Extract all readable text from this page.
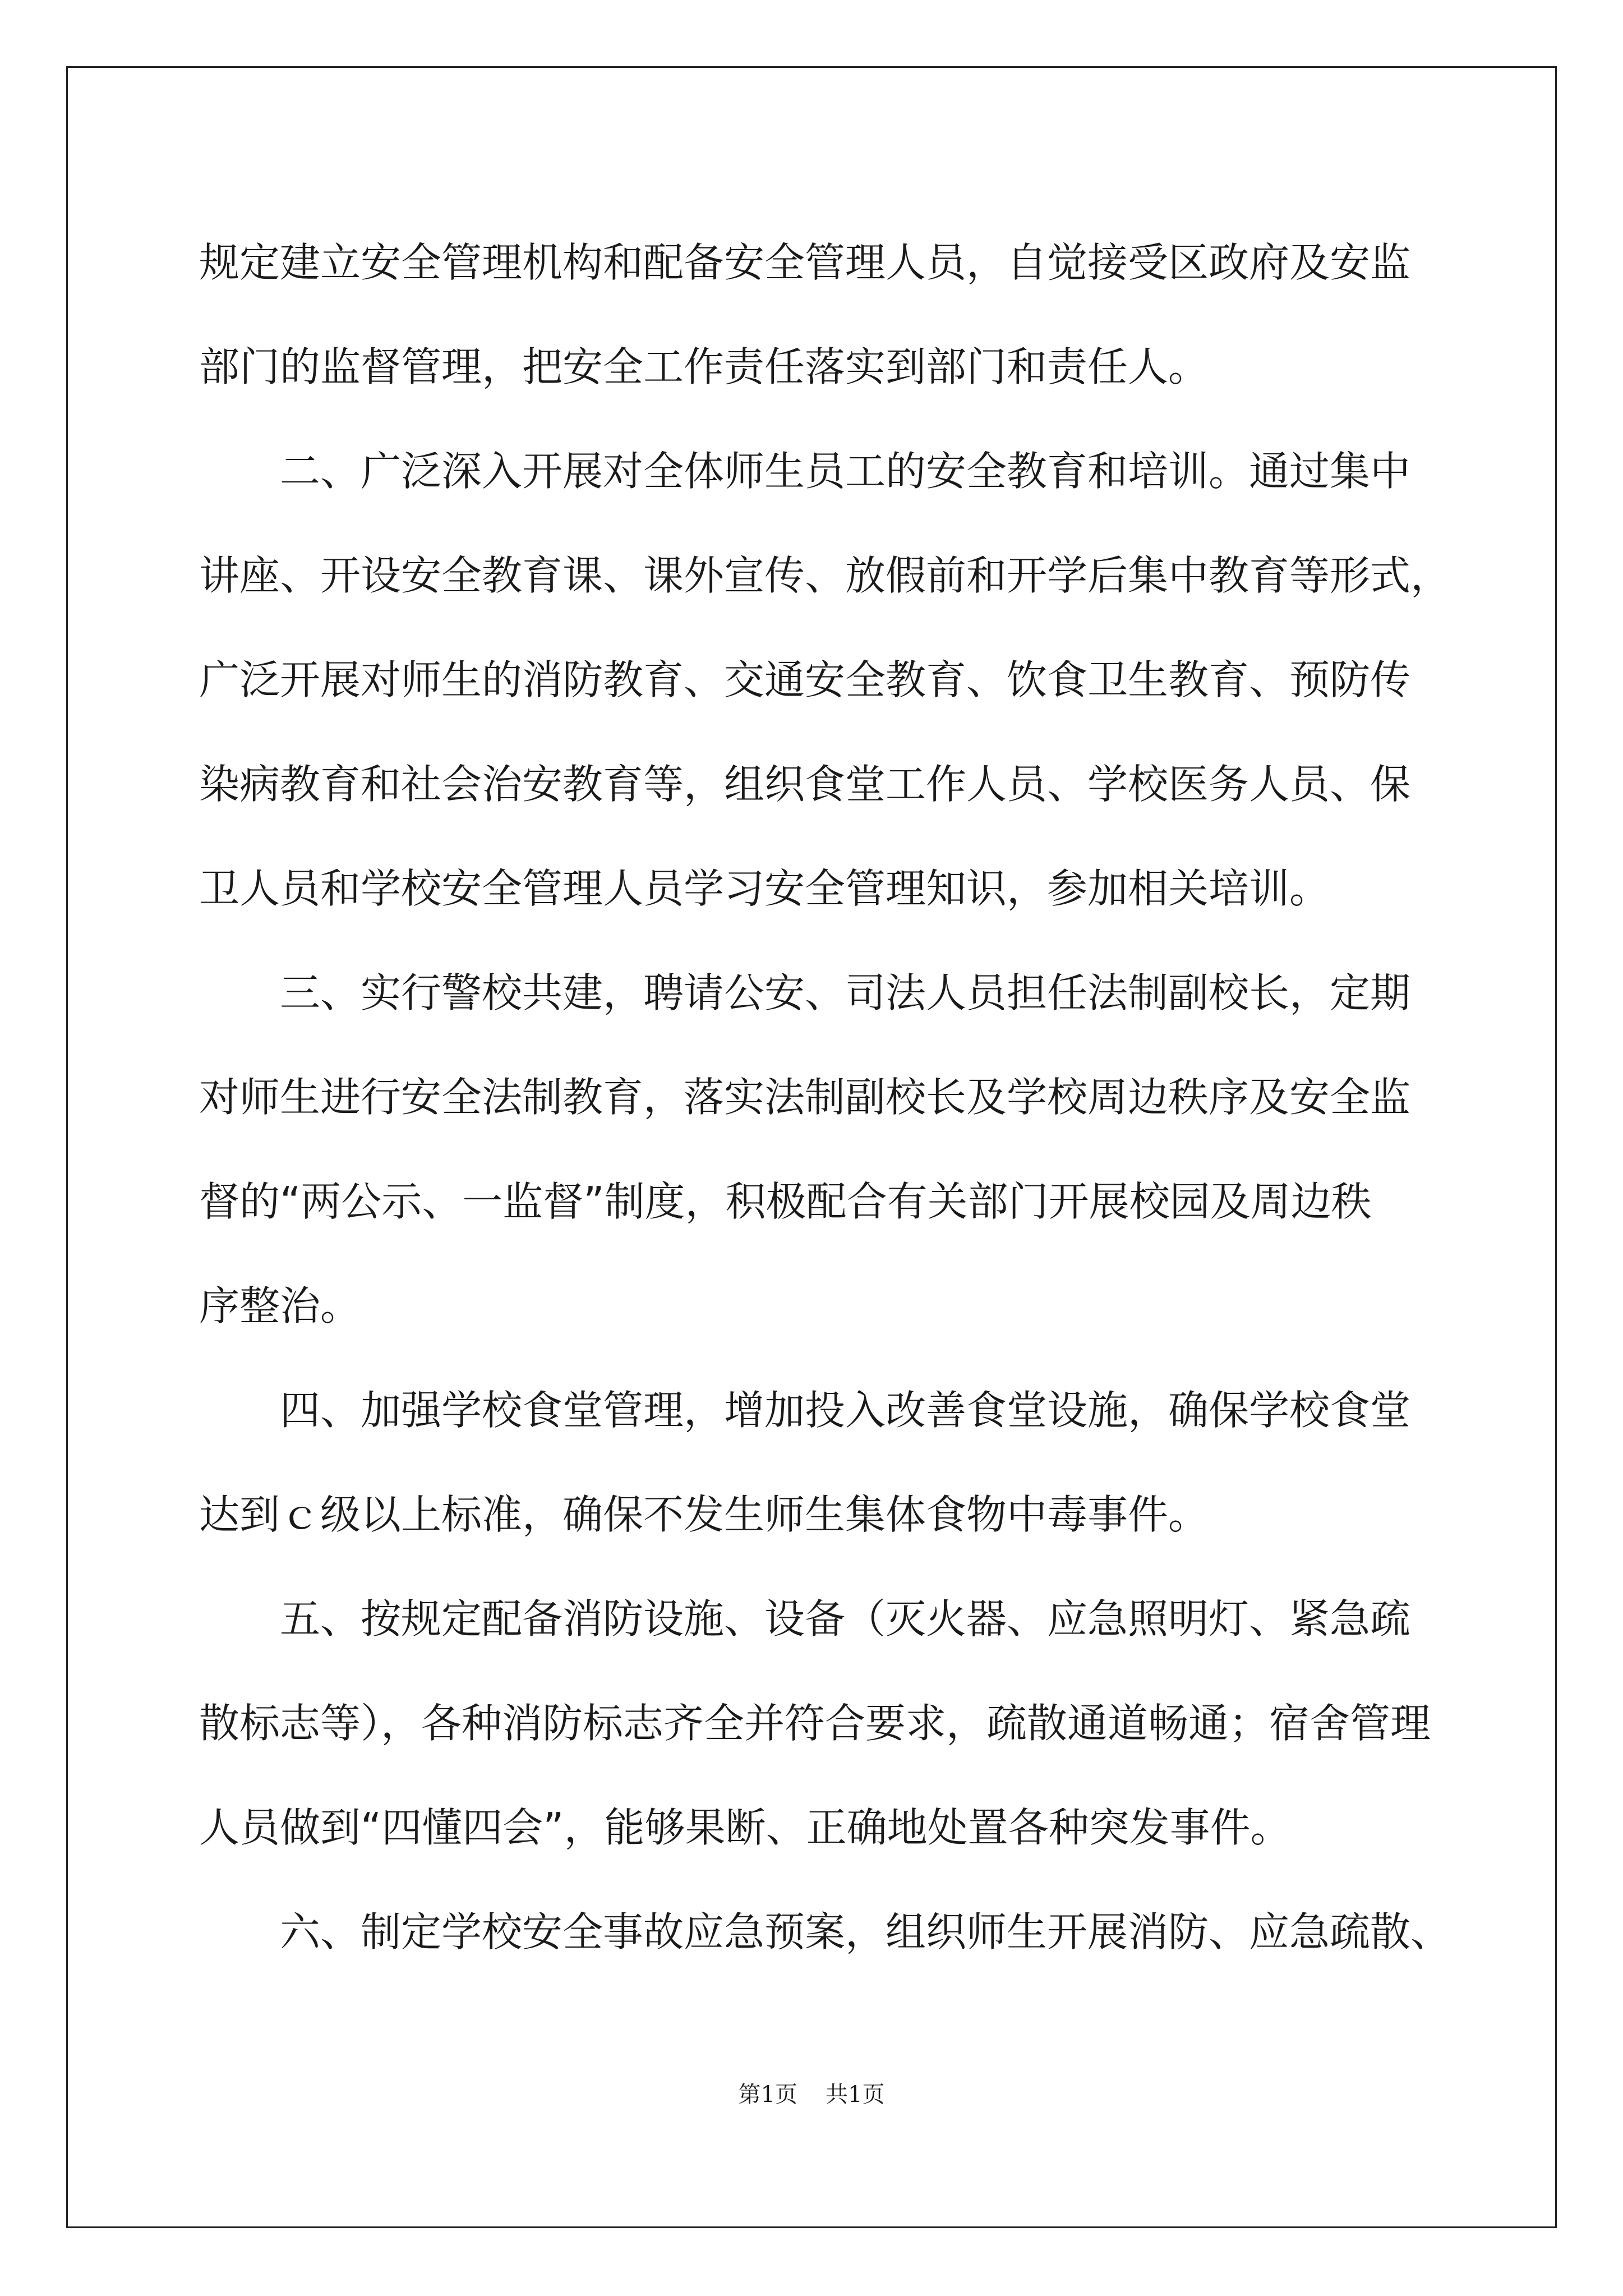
规定建立安全管理机构和配备安全管理人员，自觉接受区政府及安监

部门的监督管理，把安全工作责任落实到部门和责任人。

二、广泛深入开展对全体师生员工的安全教育和培训。通过集中

讲座、开设安全教育课、课外宣传、放假前和开学后集中教育等形式，

广泛开展对师生的消防教育、交通安全教育、饮食卫生教育、预防传

染病教育和社会治安教育等，组织食堂工作人员、学校医务人员、保

卫人员和学校安全管理人员学习安全管理知识，参加相关培训。

三、实行警校共建，聘请公安、司法人员担任法制副校长，定期

对师生进行安全法制教育，落实法制副校长及学校周边秩序及安全监

督的“两公示、一监督”制度，积极配合有关部门开展校园及周边秩

序整治。

四、加强学校食堂管理，增加投入改善食堂设施，确保学校食堂

达到ｃ级以上标准，确保不发生师生集体食物中毒事件。

五、按规定配备消防设施、设备（灭火器、应急照明灯、紧急疏

散标志等），各种消防标志齐全并符合要求，疏散通道畅通；宿舍管理

人员做到“四懂四会”，能够果断、正确地处置各种突发事件。

六、制定学校安全事故应急预案，组织师生开展消防、应急疏散、

第1页 共1页
